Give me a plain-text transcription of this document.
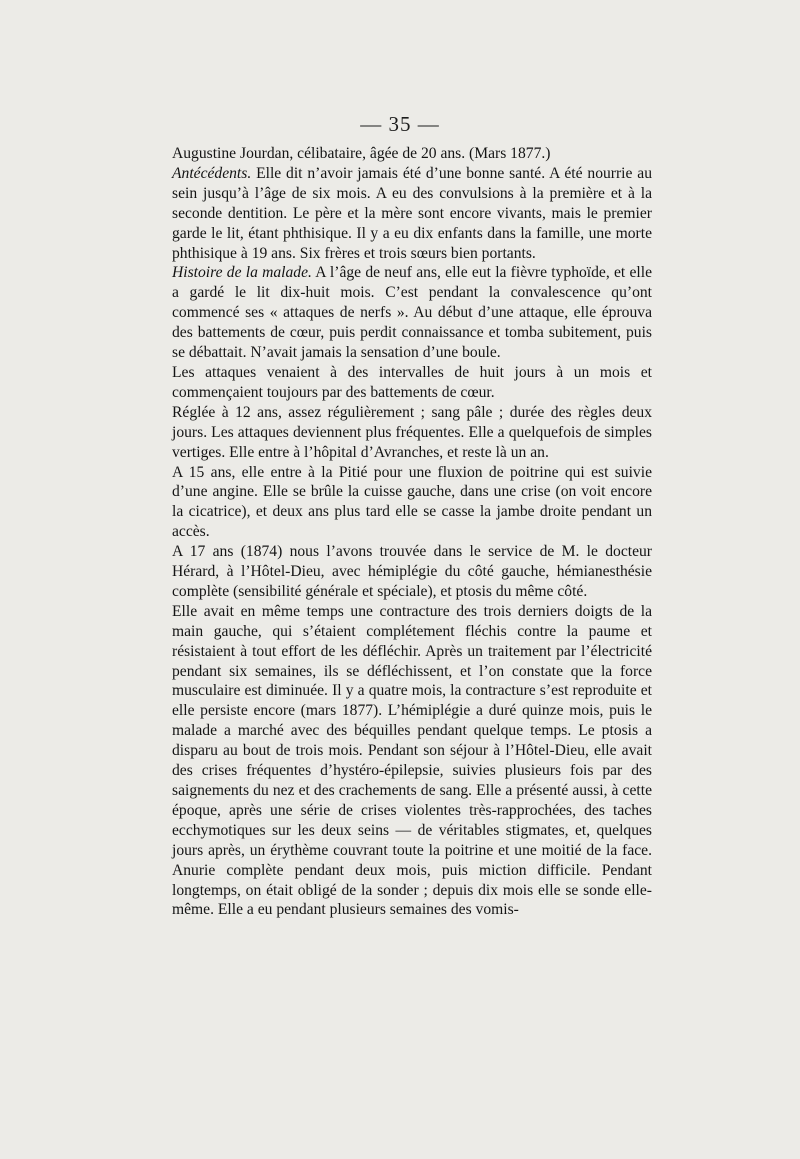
— 35 —

Augustine Jourdan, célibataire, âgée de 20 ans. (Mars 1877.)

Antécédents. Elle dit n’avoir jamais été d’une bonne santé. A été nourrie au sein jusqu’à l’âge de six mois. A eu des convulsions à la première et à la seconde dentition. Le père et la mère sont encore vivants, mais le premier garde le lit, étant phthisique. Il y a eu dix enfants dans la famille, une morte phthisique à 19 ans. Six frères et trois sœurs bien portants.

Histoire de la malade. A l’âge de neuf ans, elle eut la fièvre typhoïde, et elle a gardé le lit dix-huit mois. C’est pendant la convalescence qu’ont commencé ses « attaques de nerfs ». Au début d’une attaque, elle éprouva des battements de cœur, puis perdit connaissance et tomba subitement, puis se débattait. N’avait jamais la sensation d’une boule.

Les attaques venaient à des intervalles de huit jours à un mois et commençaient toujours par des battements de cœur.

Réglée à 12 ans, assez régulièrement ; sang pâle ; durée des règles deux jours. Les attaques deviennent plus fréquentes. Elle a quelquefois de simples vertiges. Elle entre à l’hôpital d’Avranches, et reste là un an.

A 15 ans, elle entre à la Pitié pour une fluxion de poitrine qui est suivie d’une angine. Elle se brûle la cuisse gauche, dans une crise (on voit encore la cicatrice), et deux ans plus tard elle se casse la jambe droite pendant un accès.

A 17 ans (1874) nous l’avons trouvée dans le service de M. le docteur Hérard, à l’Hôtel-Dieu, avec hémiplégie du côté gauche, hémianesthésie complète (sensibilité générale et spéciale), et ptosis du même côté.

Elle avait en même temps une contracture des trois derniers doigts de la main gauche, qui s’étaient complétement fléchis contre la paume et résistaient à tout effort de les défléchir. Après un traitement par l’électricité pendant six semaines, ils se défléchissent, et l’on constate que la force musculaire est diminuée. Il y a quatre mois, la contracture s’est reproduite et elle persiste encore (mars 1877). L’hémiplégie a duré quinze mois, puis le malade a marché avec des béquilles pendant quelque temps. Le ptosis a disparu au bout de trois mois. Pendant son séjour à l’Hôtel-Dieu, elle avait des crises fréquentes d’hystéro-épilepsie, suivies plusieurs fois par des saignements du nez et des crachements de sang. Elle a présenté aussi, à cette époque, après une série de crises violentes très-rapprochées, des taches ecchymotiques sur les deux seins — de véritables stigmates, et, quelques jours après, un érythème couvrant toute la poitrine et une moitié de la face. Anurie complète pendant deux mois, puis miction difficile. Pendant longtemps, on était obligé de la sonder ; depuis dix mois elle se sonde elle-même. Elle a eu pendant plusieurs semaines des vomis-
